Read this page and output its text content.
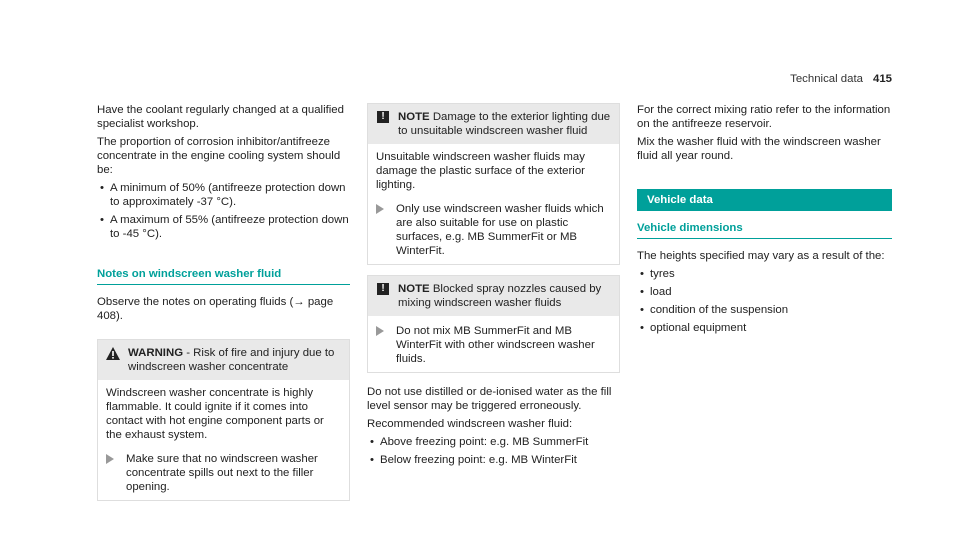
Technical data 415

Have the coolant regularly changed at a qualified specialist workshop.

The proportion of corrosion inhibitor/antifreeze concentrate in the engine cooling system should be:

• A minimum of 50% (antifreeze protection down to approximately -37 °C).
• A maximum of 55% (antifreeze protection down to -45 °C).
Notes on windscreen washer fluid

Observe the notes on operating fluids (→ page 408).

WARNING - Risk of fire and injury due to windscreen washer concentrate

Windscreen washer concentrate is highly flammable. It could ignite if it comes into contact with hot engine component parts or the exhaust system.

Make sure that no windscreen washer concentrate spills out next to the filler opening.
!	NOTE Damage to the exterior lighting due to unsuitable windscreen washer fluid

Unsuitable windscreen washer fluids may damage the plastic surface of the exterior lighting.

Only use windscreen washer fluids which are also suitable for use on plastic surfaces, e.g. MB SummerFit or MB WinterFit.
!	NOTE Blocked spray nozzles caused by mixing windscreen washer fluids
Do not mix MB SummerFit and MB WinterFit with other windscreen washer fluids.

Do not use distilled or de-ionised water as the fill level sensor may be triggered erroneously.

Recommended windscreen washer fluid:

• Above freezing point: e.g. MB SummerFit
• Below freezing point: e.g. MB WinterFit

For the correct mixing ratio refer to the information on the antifreeze reservoir.

Mix the washer fluid with the windscreen washer fluid all year round.

Vehicle data
Vehicle dimensions

The heights specified may vary as a result of the:

• tyres
• load
• condition of the suspension
• optional equipment
